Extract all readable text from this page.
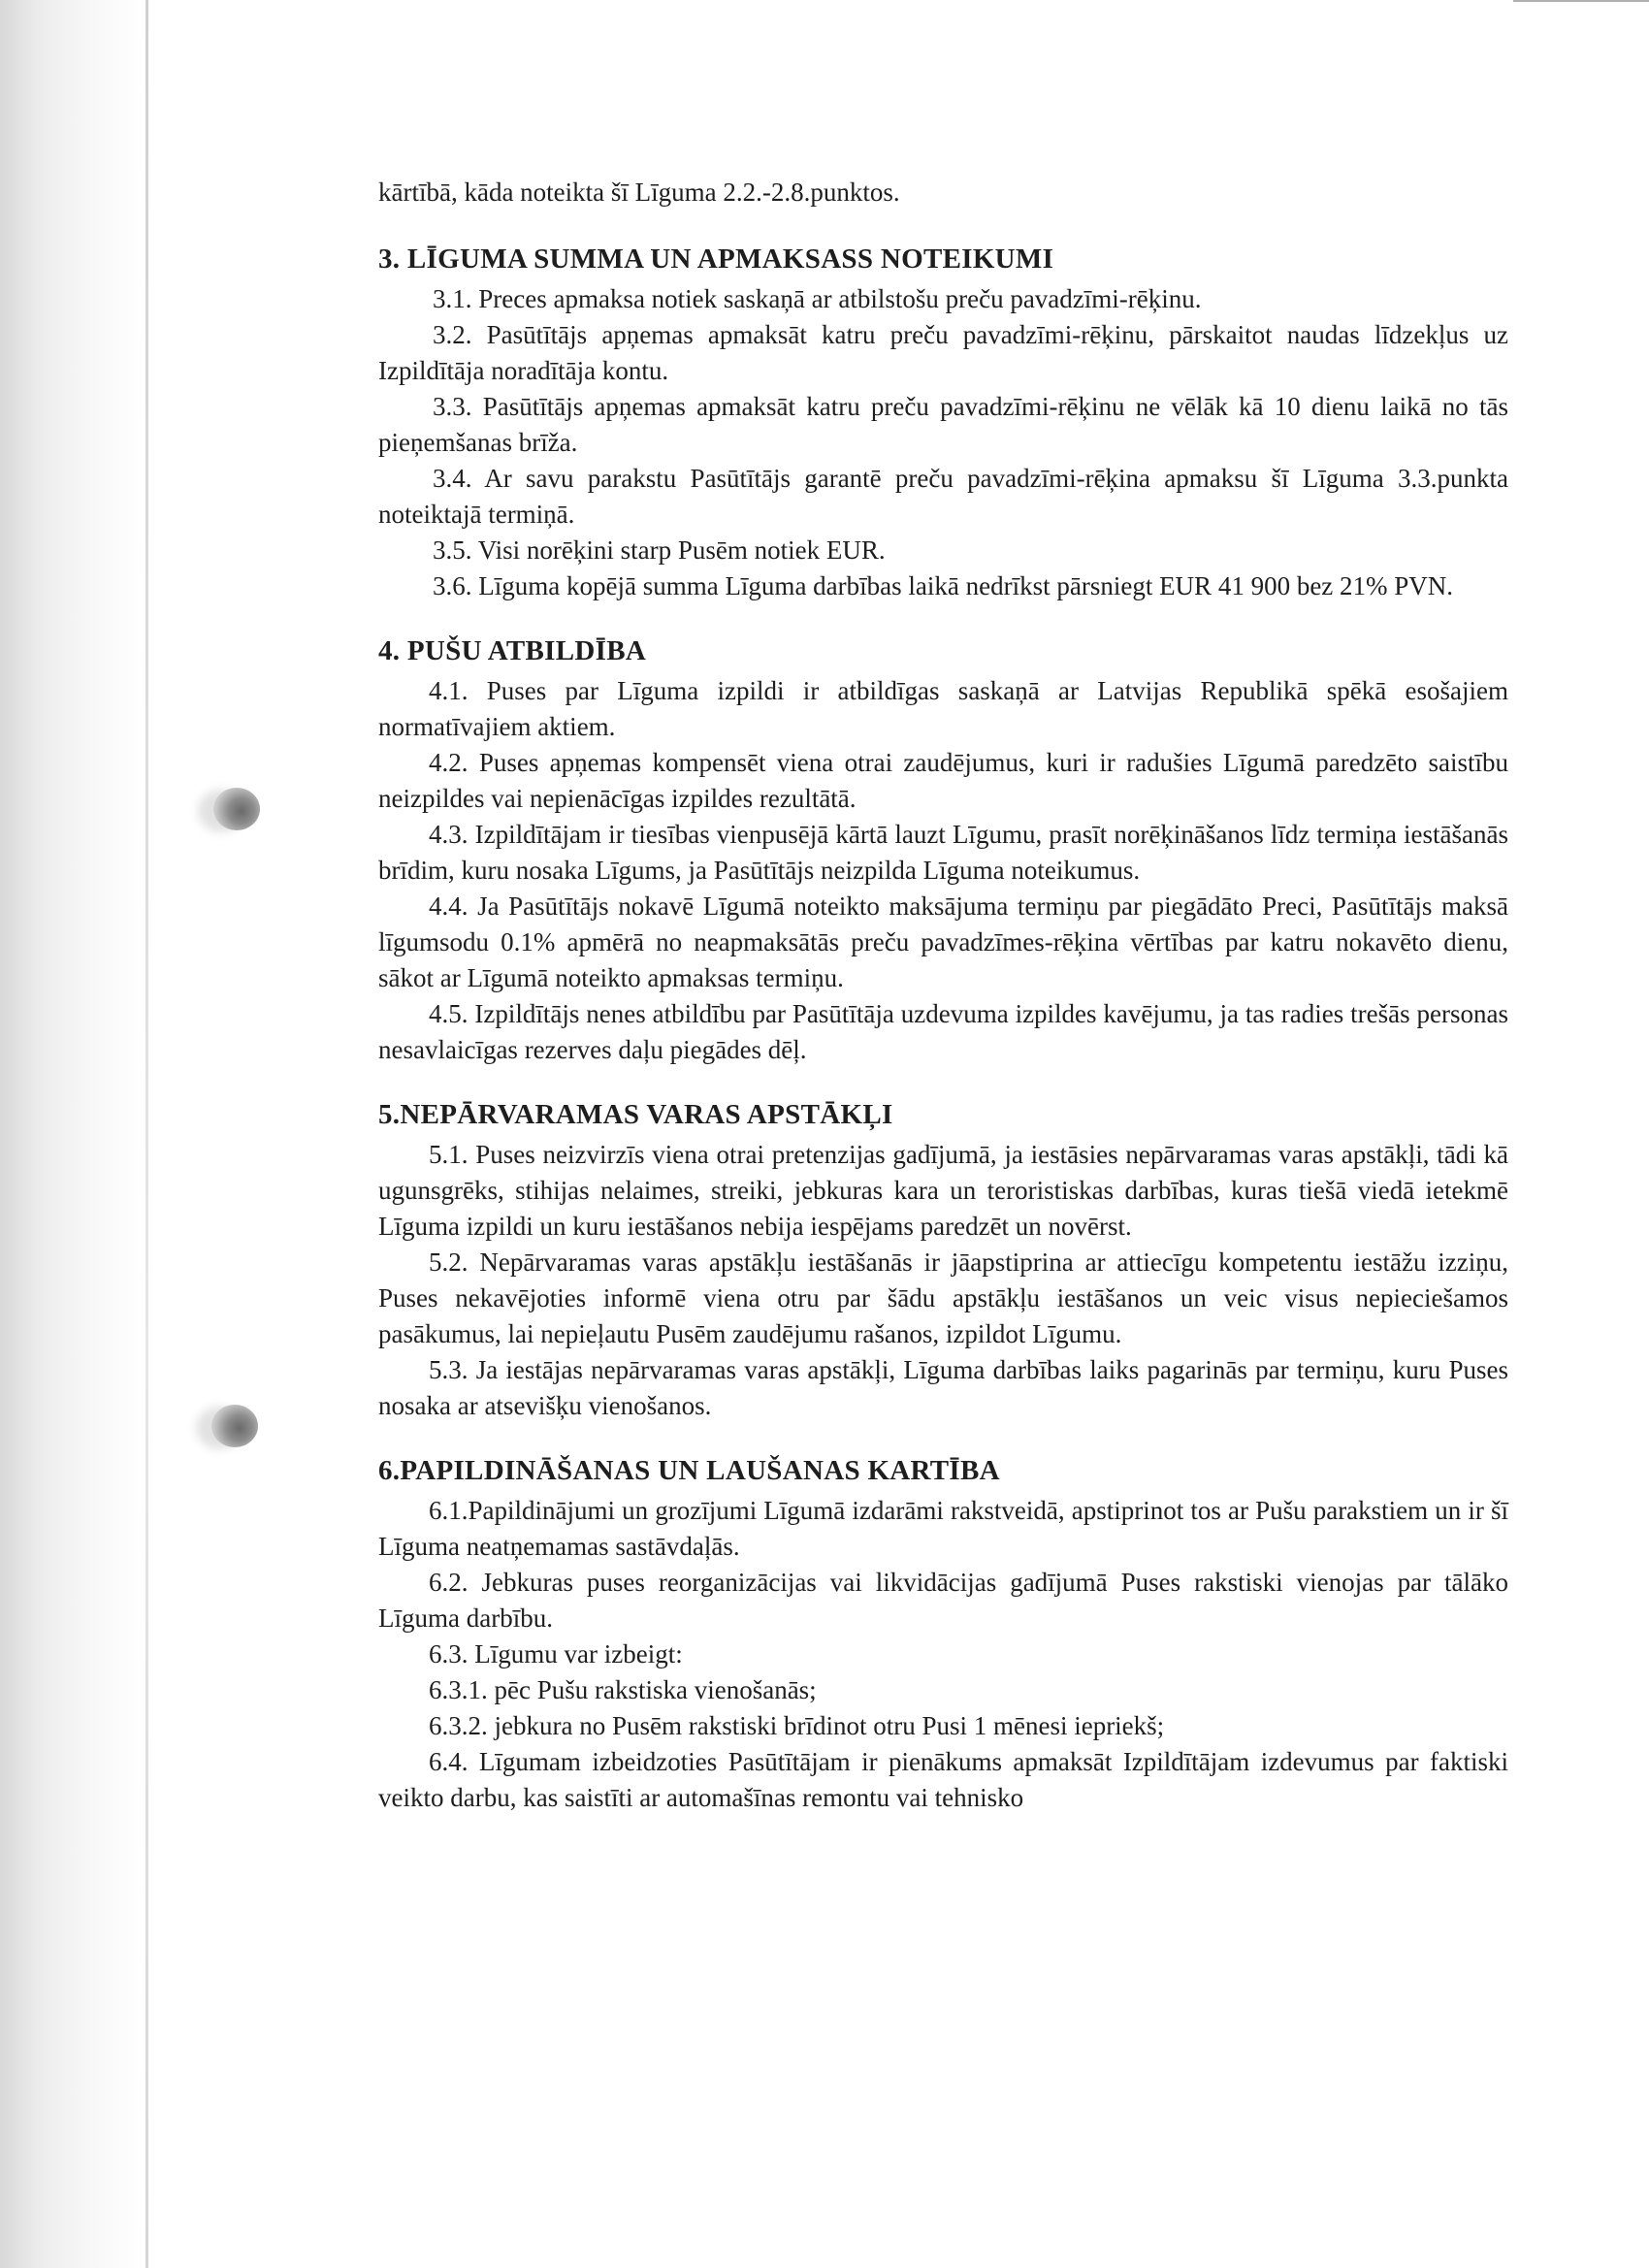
kārtībā, kāda noteikta šī Līguma 2.2.-2.8.punktos.

3. LĪGUMA SUMMA UN APMAKSASS NOTEIKUMI

3.1. Preces apmaksa notiek saskaņā ar atbilstošu preču pavadzīmi-rēķinu.

3.2. Pasūtītājs apņemas apmaksāt katru preču pavadzīmi-rēķinu, pārskaitot naudas līdzekļus uz Izpildītāja noradītāja kontu.

3.3. Pasūtītājs apņemas apmaksāt katru preču pavadzīmi-rēķinu ne vēlāk kā 10 dienu laikā no tās pieņemšanas brīža.

3.4. Ar savu parakstu Pasūtītājs garantē preču pavadzīmi-rēķina apmaksu šī Līguma 3.3.punkta noteiktajā termiņā.

3.5. Visi norēķini starp Pusēm notiek EUR.

3.6. Līguma kopējā summa Līguma darbības laikā nedrīkst pārsniegt EUR 41 900 bez 21% PVN.

4. PUŠU ATBILDĪBA

4.1. Puses par Līguma izpildi ir atbildīgas saskaņā ar Latvijas Republikā spēkā esošajiem normatīvajiem aktiem.

4.2. Puses apņemas kompensēt viena otrai zaudējumus, kuri ir radušies Līgumā paredzēto saistību neizpildes vai nepienācīgas izpildes rezultātā.

4.3. Izpildītājam ir tiesības vienpusējā kārtā lauzt Līgumu, prasīt norēķināšanos līdz termiņa iestāšanās brīdim, kuru nosaka Līgums, ja Pasūtītājs neizpilda Līguma noteikumus.

4.4. Ja Pasūtītājs nokavē Līgumā noteikto maksājuma termiņu par piegādāto Preci, Pasūtītājs maksā līgumsodu 0.1% apmērā no neapmaksātās preču pavadzīmes-rēķina vērtības par katru nokavēto dienu, sākot ar Līgumā noteikto apmaksas termiņu.

4.5. Izpildītājs nenes atbildību par Pasūtītāja uzdevuma izpildes kavējumu, ja tas radies trešās personas nesavlaicīgas rezerves daļu piegādes dēļ.

5.NEPĀRVARAMAS VARAS APSTĀKĻI

5.1. Puses neizvirzīs viena otrai pretenzijas gadījumā, ja iestāsies nepārvaramas varas apstākļi, tādi kā ugunsgrēks, stihijas nelaimes, streiki, jebkuras kara un teroristiskas darbības, kuras tiešā viedā ietekmē Līguma izpildi un kuru iestāšanos nebija iespējams paredzēt un novērst.

5.2. Nepārvaramas varas apstākļu iestāšanās ir jāapstiprina ar attiecīgu kompetentu iestāžu izziņu, Puses nekavējoties informē viena otru par šādu apstākļu iestāšanos un veic visus nepieciešamos pasākumus, lai nepieļautu Pusēm zaudējumu rašanos, izpildot Līgumu.

5.3. Ja iestājas nepārvaramas varas apstākļi, Līguma darbības laiks pagarinās par termiņu, kuru Puses nosaka ar atsevišķu vienošanos.

6.PAPILDINĀŠANAS UN LAUŠANAS KARTĪBA

6.1.Papildinājumi un grozījumi Līgumā izdarāmi rakstveidā, apstiprinot tos ar Pušu parakstiem un ir šī Līguma neatņemamas sastāvdaļās.

6.2. Jebkuras puses reorganizācijas vai likvidācijas gadījumā Puses rakstiski vienojas par tālāko Līguma darbību.

6.3. Līgumu var izbeigt:

6.3.1. pēc Pušu rakstiska vienošanās;

6.3.2. jebkura no Pusēm rakstiski brīdinot otru Pusi 1 mēnesi iepriekš;

6.4. Līgumam izbeidzoties Pasūtītājam ir pienākums apmaksāt Izpildītājam izdevumus par faktiski veikto darbu, kas saistīti ar automašīnas remontu vai tehnisko
